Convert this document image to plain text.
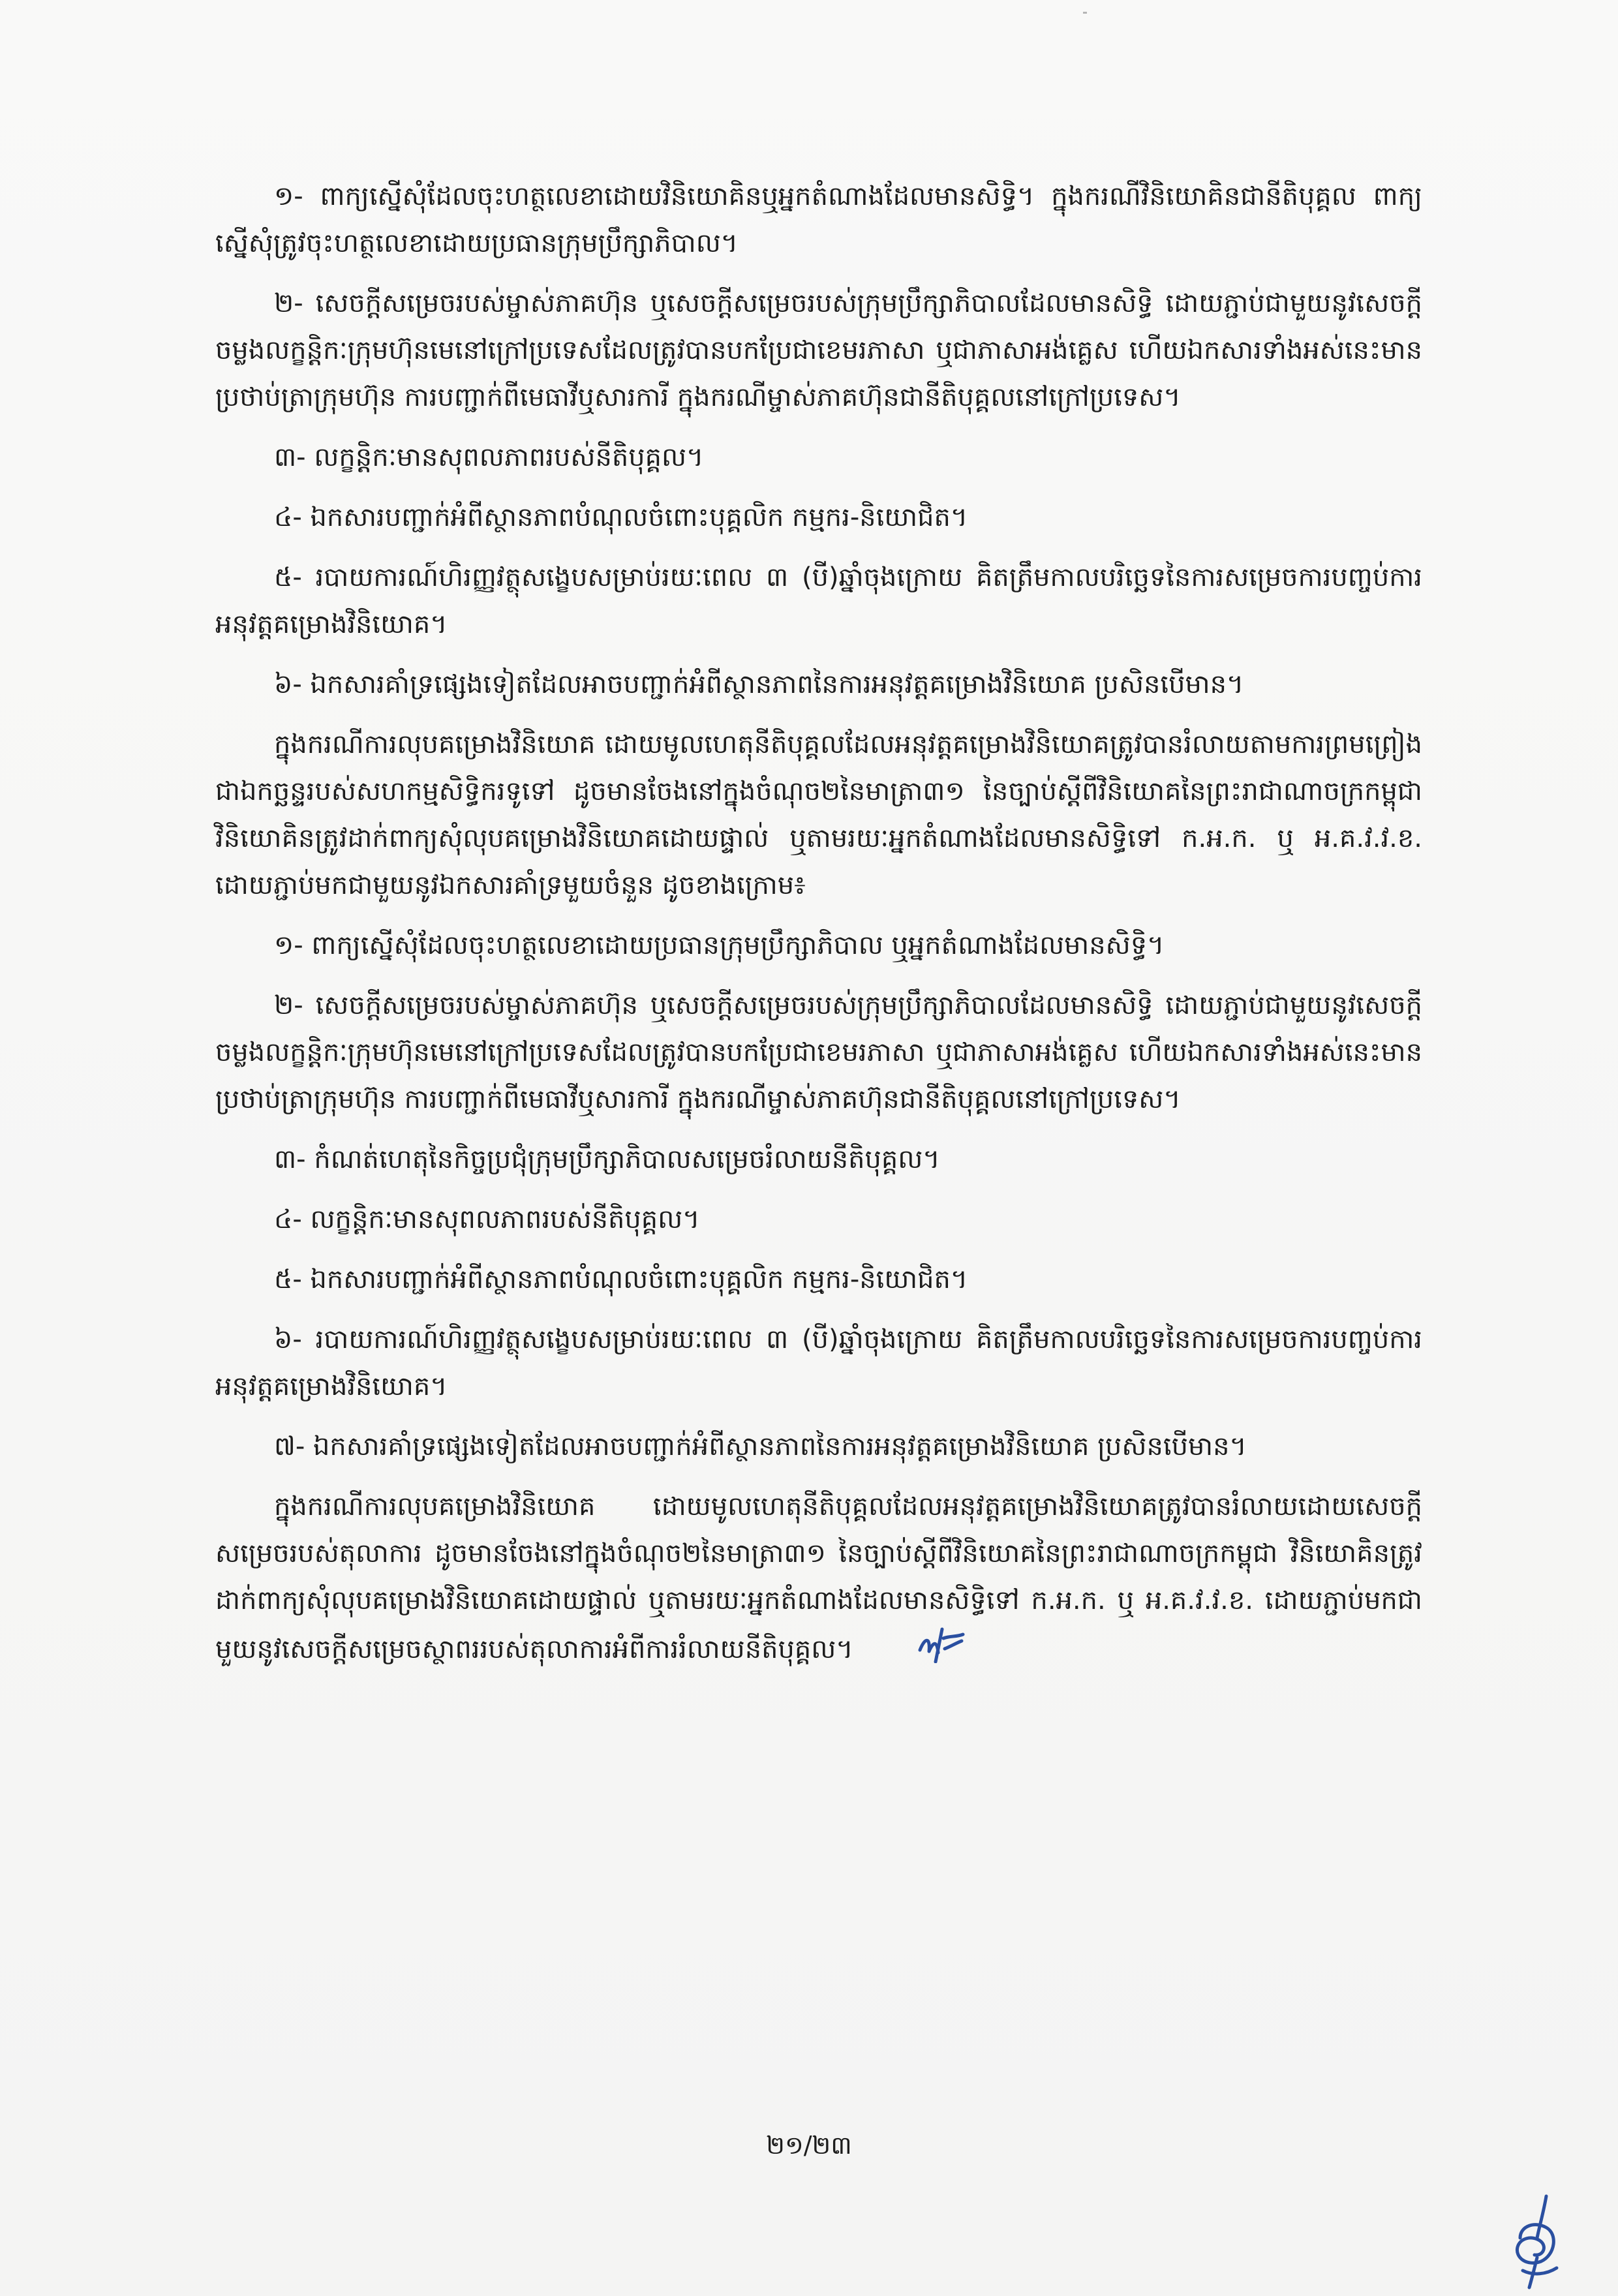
១- ពាក្យស្នើសុំដែលចុះហត្ថលេខាដោយវិនិយោគិនឬអ្នកតំណាងដែលមានសិទ្ធិ។ ក្នុងករណីវិនិយោគិនជានីតិបុគ្គល ពាក្យស្នើសុំត្រូវចុះហត្ថលេខាដោយប្រធានក្រុមប្រឹក្សាភិបាល។

២- សេចក្តីសម្រេចរបស់ម្ចាស់ភាគហ៊ុន ឬសេចក្តីសម្រេចរបស់ក្រុមប្រឹក្សាភិបាលដែលមានសិទ្ធិ ដោយភ្ជាប់ជាមួយនូវសេចក្តីចម្លងលក្ខន្តិកៈក្រុមហ៊ុនមេនៅក្រៅប្រទេសដែលត្រូវបានបកប្រែជាខេមរភាសា ឬជាភាសាអង់គ្លេស ហើយឯកសារទាំងអស់នេះមានប្រថាប់ត្រាក្រុមហ៊ុន ការបញ្ជាក់ពីមេធាវីឬសារការី ក្នុងករណីម្ចាស់ភាគហ៊ុនជានីតិបុគ្គលនៅក្រៅប្រទេស។

៣- លក្ខន្តិកៈមានសុពលភាពរបស់នីតិបុគ្គល។

៤- ឯកសារបញ្ជាក់អំពីស្ថានភាពបំណុលចំពោះបុគ្គលិក កម្មករ-និយោជិត។

៥- របាយការណ៍ហិរញ្ញវត្ថុសង្ខេបសម្រាប់រយៈពេល ៣ (បី)ឆ្នាំចុងក្រោយ គិតត្រឹមកាលបរិច្ឆេទនៃការសម្រេចការបញ្ចប់ការអនុវត្តគម្រោងវិនិយោគ។

៦- ឯកសារគាំទ្រផ្សេងទៀតដែលអាចបញ្ជាក់អំពីស្ថានភាពនៃការអនុវត្តគម្រោងវិនិយោគ ប្រសិនបើមាន។

ក្នុងករណីការលុបគម្រោងវិនិយោគ ដោយមូលហេតុនីតិបុគ្គលដែលអនុវត្តគម្រោងវិនិយោគត្រូវបានរំលាយតាមការព្រមព្រៀងជាឯកច្ឆន្ទរបស់សហកម្មសិទ្ធិករទូទៅ ដូចមានចែងនៅក្នុងចំណុច២នៃមាត្រា៣១ នៃច្បាប់ស្តីពីវិនិយោគនៃព្រះរាជាណាចក្រកម្ពុជា វិនិយោគិនត្រូវដាក់ពាក្យសុំលុបគម្រោងវិនិយោគដោយផ្ទាល់ ឬតាមរយៈអ្នកតំណាងដែលមានសិទ្ធិទៅ ក.អ.ក. ឬ អ.គ.វ.វ.ខ. ដោយភ្ជាប់មកជាមួយនូវឯកសារគាំទ្រមួយចំនួន ដូចខាងក្រោម៖

១- ពាក្យស្នើសុំដែលចុះហត្ថលេខាដោយប្រធានក្រុមប្រឹក្សាភិបាល ឬអ្នកតំណាងដែលមានសិទ្ធិ។

២- សេចក្តីសម្រេចរបស់ម្ចាស់ភាគហ៊ុន ឬសេចក្តីសម្រេចរបស់ក្រុមប្រឹក្សាភិបាលដែលមានសិទ្ធិ ដោយភ្ជាប់ជាមួយនូវសេចក្តីចម្លងលក្ខន្តិកៈក្រុមហ៊ុនមេនៅក្រៅប្រទេសដែលត្រូវបានបកប្រែជាខេមរភាសា ឬជាភាសាអង់គ្លេស ហើយឯកសារទាំងអស់នេះមានប្រថាប់ត្រាក្រុមហ៊ុន ការបញ្ជាក់ពីមេធាវីឬសារការី ក្នុងករណីម្ចាស់ភាគហ៊ុនជានីតិបុគ្គលនៅក្រៅប្រទេស។

៣- កំណត់ហេតុនៃកិច្ចប្រជុំក្រុមប្រឹក្សាភិបាលសម្រេចរំលាយនីតិបុគ្គល។

៤- លក្ខន្តិកៈមានសុពលភាពរបស់នីតិបុគ្គល។

៥- ឯកសារបញ្ជាក់អំពីស្ថានភាពបំណុលចំពោះបុគ្គលិក កម្មករ-និយោជិត។

៦- របាយការណ៍ហិរញ្ញវត្ថុសង្ខេបសម្រាប់រយៈពេល ៣ (បី)ឆ្នាំចុងក្រោយ គិតត្រឹមកាលបរិច្ឆេទនៃការសម្រេចការបញ្ចប់ការអនុវត្តគម្រោងវិនិយោគ។

៧- ឯកសារគាំទ្រផ្សេងទៀតដែលអាចបញ្ជាក់អំពីស្ថានភាពនៃការអនុវត្តគម្រោងវិនិយោគ ប្រសិនបើមាន។

ក្នុងករណីការលុបគម្រោងវិនិយោគ ដោយមូលហេតុនីតិបុគ្គលដែលអនុវត្តគម្រោងវិនិយោគត្រូវបានរំលាយដោយសេចក្តីសម្រេចរបស់តុលាការ ដូចមានចែងនៅក្នុងចំណុច២នៃមាត្រា៣១ នៃច្បាប់ស្តីពីវិនិយោគនៃព្រះរាជាណាចក្រកម្ពុជា វិនិយោគិនត្រូវដាក់ពាក្យសុំលុបគម្រោងវិនិយោគដោយផ្ទាល់ ឬតាមរយៈអ្នកតំណាងដែលមានសិទ្ធិទៅ ក.អ.ក. ឬ អ.គ.វ.វ.ខ. ដោយភ្ជាប់មកជាមួយនូវសេចក្តីសម្រេចស្ថាពររបស់តុលាការអំពីការរំលាយនីតិបុគ្គល។

២១/២៣
